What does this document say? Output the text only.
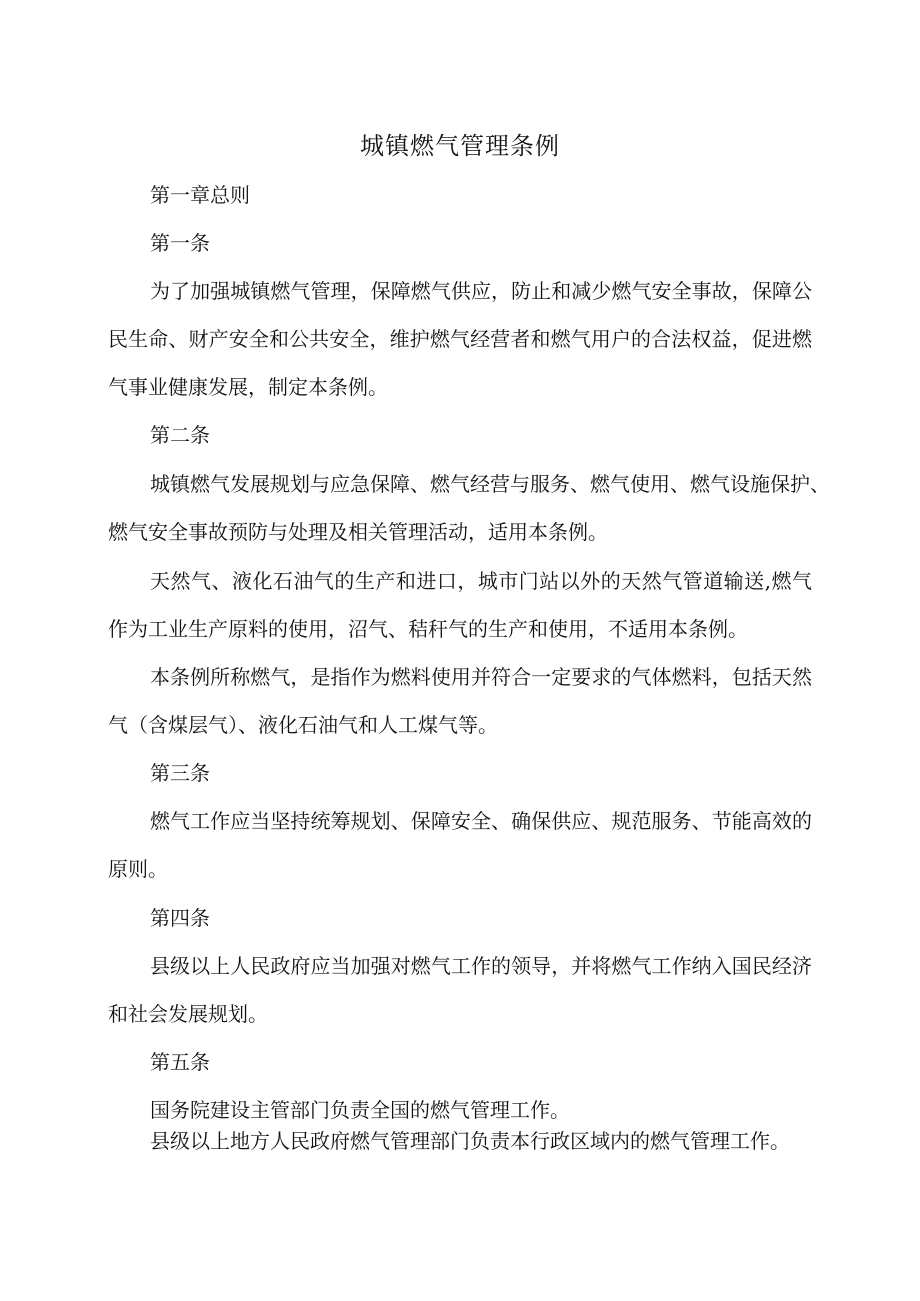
城镇燃气管理条例
第一章总则
第一条
为了加强城镇燃气管理，保障燃气供应，防止和减少燃气安全事故，保障公
民生命、财产安全和公共安全，维护燃气经营者和燃气用户的合法权益，促进燃
气事业健康发展，制定本条例。
第二条
城镇燃气发展规划与应急保障、燃气经营与服务、燃气使用、燃气设施保护、
燃气安全事故预防与处理及相关管理活动，适用本条例。
天然气、液化石油气的生产和进口，城市门站以外的天然气管道输送,燃气
作为工业生产原料的使用，沼气、秸秆气的生产和使用，不适用本条例。
本条例所称燃气，是指作为燃料使用并符合一定要求的气体燃料，包括天然
气（含煤层气）、液化石油气和人工煤气等。
第三条
燃气工作应当坚持统筹规划、保障安全、确保供应、规范服务、节能高效的
原则。
第四条
县级以上人民政府应当加强对燃气工作的领导，并将燃气工作纳入国民经济
和社会发展规划。
第五条
国务院建设主管部门负责全国的燃气管理工作。
县级以上地方人民政府燃气管理部门负责本行政区域内的燃气管理工作。
